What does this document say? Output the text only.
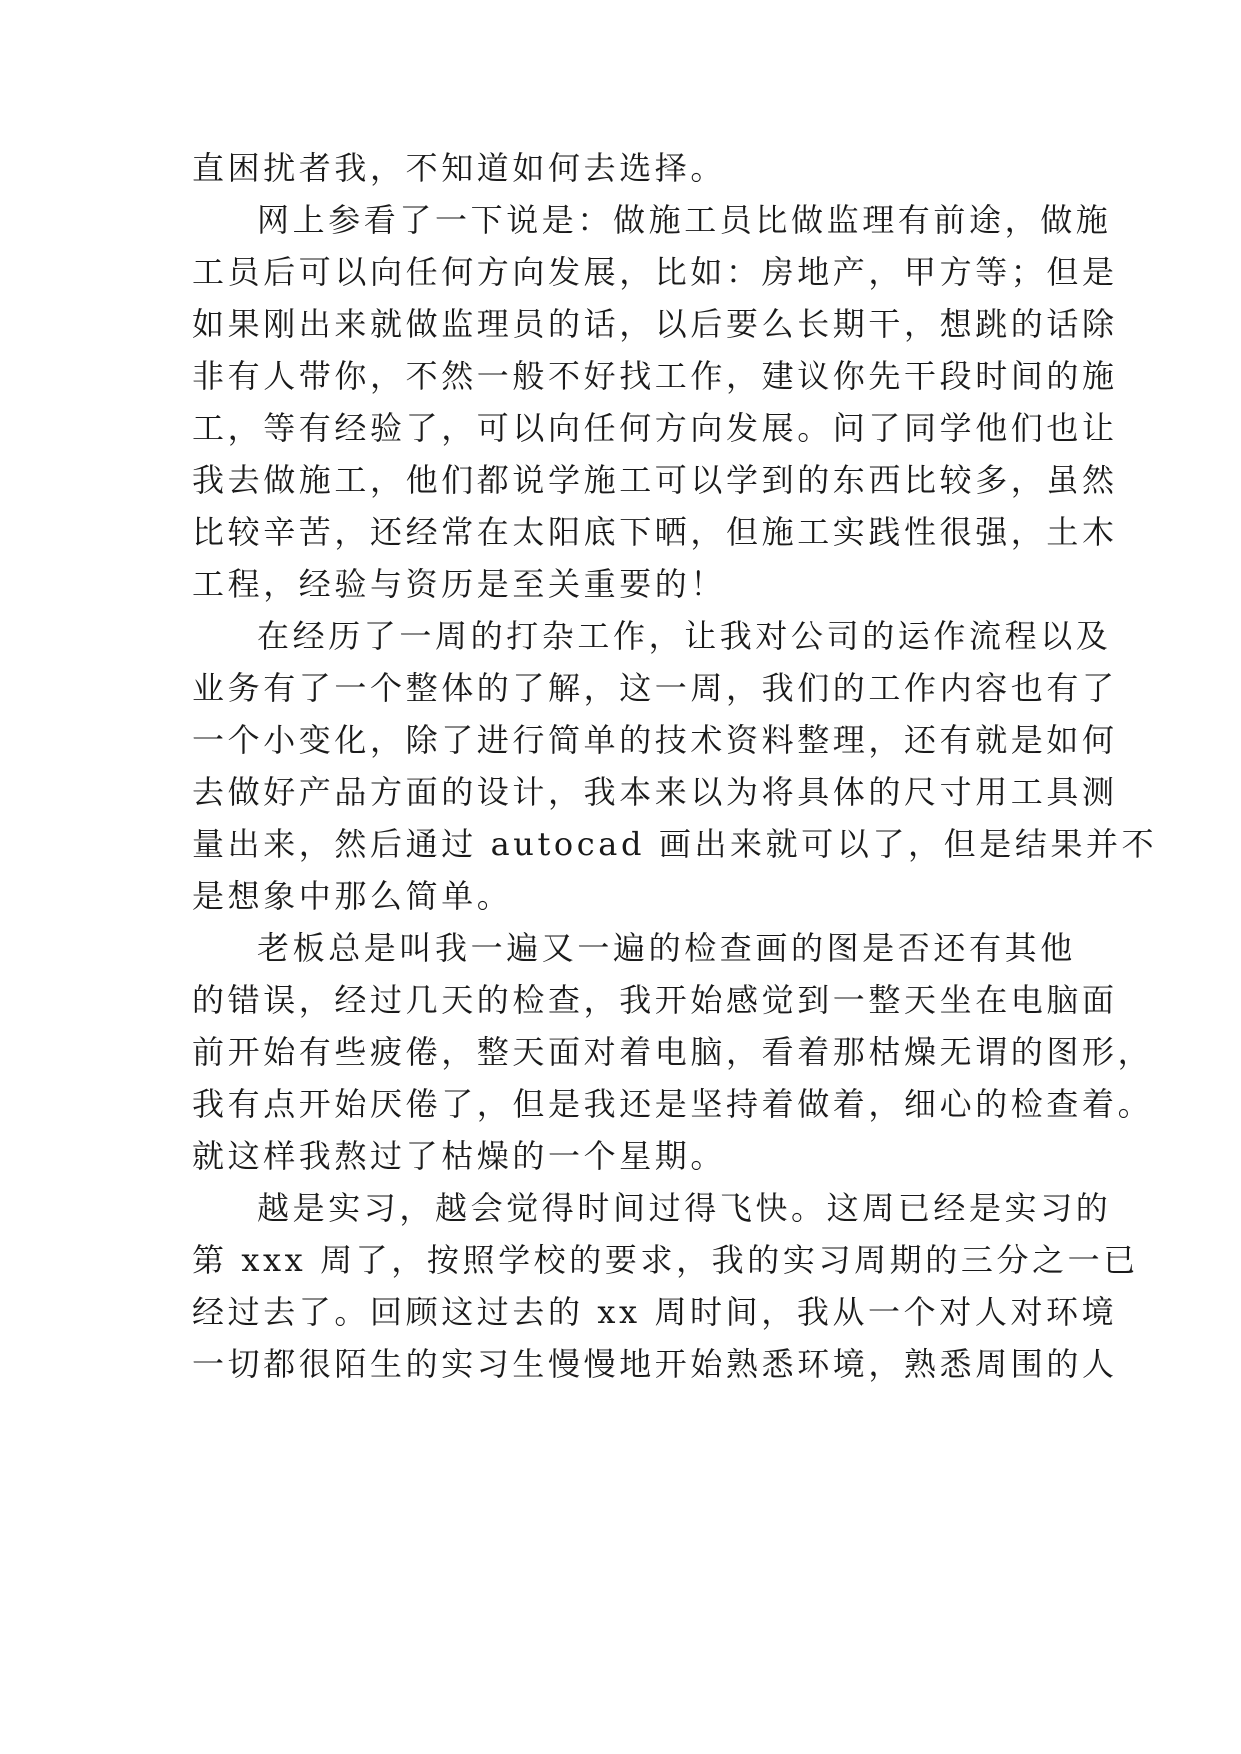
直困扰者我，不知道如何去选择。
网上参看了一下说是：做施工员比做监理有前途，做施
工员后可以向任何方向发展，比如：房地产，甲方等；但是
如果刚出来就做监理员的话，以后要么长期干，想跳的话除
非有人带你，不然一般不好找工作，建议你先干段时间的施
工，等有经验了，可以向任何方向发展。问了同学他们也让
我去做施工，他们都说学施工可以学到的东西比较多，虽然
比较辛苦，还经常在太阳底下晒，但施工实践性很强，土木
工程，经验与资历是至关重要的！
在经历了一周的打杂工作，让我对公司的运作流程以及
业务有了一个整体的了解，这一周，我们的工作内容也有了
一个小变化，除了进行简单的技术资料整理，还有就是如何
去做好产品方面的设计，我本来以为将具体的尺寸用工具测
量出来，然后通过 autocad 画出来就可以了，但是结果并不
是想象中那么简单。
老板总是叫我一遍又一遍的检查画的图是否还有其他
的错误，经过几天的检查，我开始感觉到一整天坐在电脑面
前开始有些疲倦，整天面对着电脑，看着那枯燥无谓的图形，
我有点开始厌倦了，但是我还是坚持着做着，细心的检查着。
就这样我熬过了枯燥的一个星期。
越是实习，越会觉得时间过得飞快。这周已经是实习的
第 xxx 周了，按照学校的要求，我的实习周期的三分之一已
经过去了。回顾这过去的 xx 周时间，我从一个对人对环境
一切都很陌生的实习生慢慢地开始熟悉环境，熟悉周围的人
